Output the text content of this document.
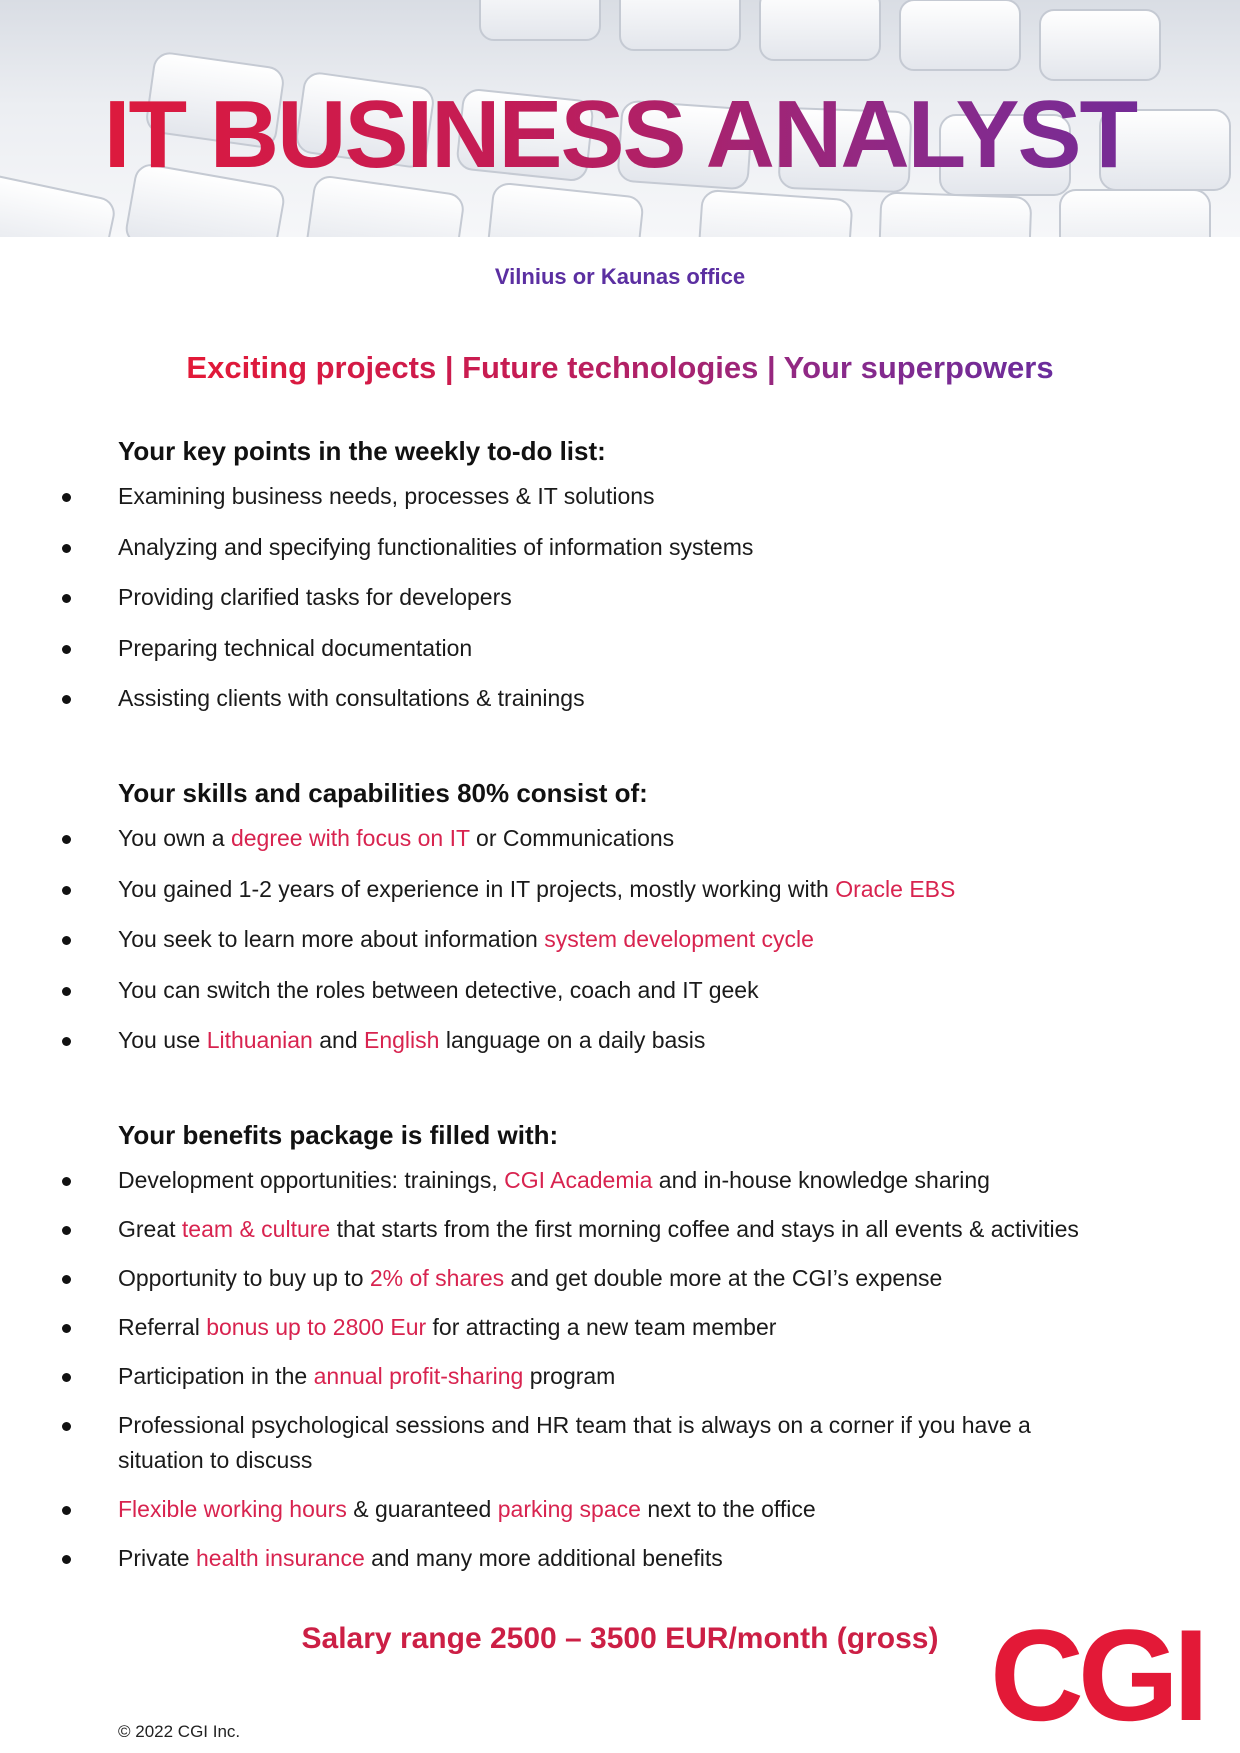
IT BUSINESS ANALYST

Vilnius or Kaunas office

Exciting projects | Future technologies | Your superpowers

Your key points in the weekly to-do list:
Examining business needs, processes & IT solutions
Analyzing and specifying functionalities of information systems
Providing clarified tasks for developers
Preparing technical documentation
Assisting clients with consultations & trainings
Your skills and capabilities 80% consist of:
You own a degree with focus on IT or Communications
You gained 1-2 years of experience in IT projects, mostly working with Oracle EBS
You seek to learn more about information system development cycle
You can switch the roles between detective, coach and IT geek
You use Lithuanian and English language on a daily basis
Your benefits package is filled with:
Development opportunities: trainings, CGI Academia and in-house knowledge sharing
Great team & culture that starts from the first morning coffee and stays in all events & activities
Opportunity to buy up to 2% of shares and get double more at the CGI’s expense
Referral bonus up to 2800 Eur for attracting a new team member
Participation in the annual profit-sharing program
Professional psychological sessions and HR team that is always on a corner if you have a situation to discuss
Flexible working hours & guaranteed parking space next to the office
Private health insurance and many more additional benefits

Salary range 2500 – 3500 EUR/month (gross) CGI
© 2022 CGI Inc.
